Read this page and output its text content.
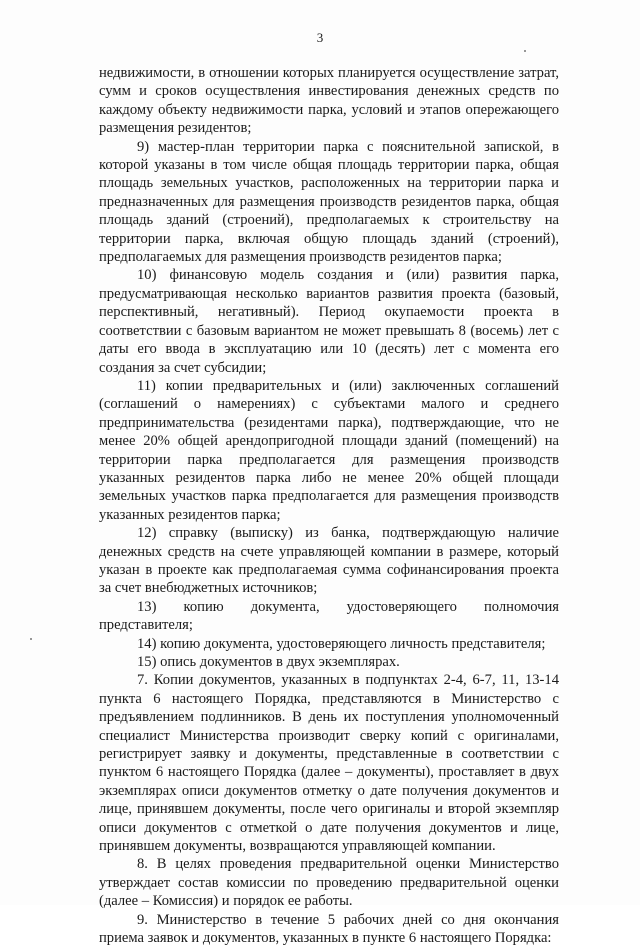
3

недвижимости, в отношении которых планируется осуществление затрат, сумм и сроков осуществления инвестирования денежных средств по каждому объекту недвижимости парка, условий и этапов опережающего размещения резидентов;

9) мастер-план территории парка с пояснительной запиской, в которой указаны в том числе общая площадь территории парка, общая площадь земельных участков, расположенных на территории парка и предназначенных для размещения производств резидентов парка, общая площадь зданий (строений), предполагаемых к строительству на территории парка, включая общую площадь зданий (строений), предполагаемых для размещения производств резидентов парка;

10) финансовую модель создания и (или) развития парка, предусматривающая несколько вариантов развития проекта (базовый, перспективный, негативный). Период окупаемости проекта в соответствии с базовым вариантом не может превышать 8 (восемь) лет с даты его ввода в эксплуатацию или 10 (десять) лет с момента его создания за счет субсидии;

11) копии предварительных и (или) заключенных соглашений (соглашений о намерениях) с субъектами малого и среднего предпринимательства (резидентами парка), подтверждающие, что не менее 20% общей арендопригодной площади зданий (помещений) на территории парка предполагается для размещения производств указанных резидентов парка либо не менее 20% общей площади земельных участков парка предполагается для размещения производств указанных резидентов парка;

12) справку (выписку) из банка, подтверждающую наличие денежных средств на счете управляющей компании в размере, который указан в проекте как предполагаемая сумма софинансирования проекта за счет внебюджетных источников;

13) копию документа, удостоверяющего полномочия представителя;

14) копию документа, удостоверяющего личность представителя;

15) опись документов в двух экземплярах.

7. Копии документов, указанных в подпунктах 2-4, 6-7, 11, 13-14 пункта 6 настоящего Порядка, представляются в Министерство с предъявлением подлинников. В день их поступления уполномоченный специалист Министерства производит сверку копий с оригиналами, регистрирует заявку и документы, представленные в соответствии с пунктом 6 настоящего Порядка (далее – документы), проставляет в двух экземплярах описи документов отметку о дате получения документов и лице, принявшем документы, после чего оригиналы и второй экземпляр описи документов с отметкой о дате получения документов и лице, принявшем документы, возвращаются управляющей компании.

8. В целях проведения предварительной оценки Министерство утверждает состав комиссии по проведению предварительной оценки (далее – Комиссия) и порядок ее работы.

9. Министерство в течение 5 рабочих дней со дня окончания приема заявок и документов, указанных в пункте 6 настоящего Порядка:
